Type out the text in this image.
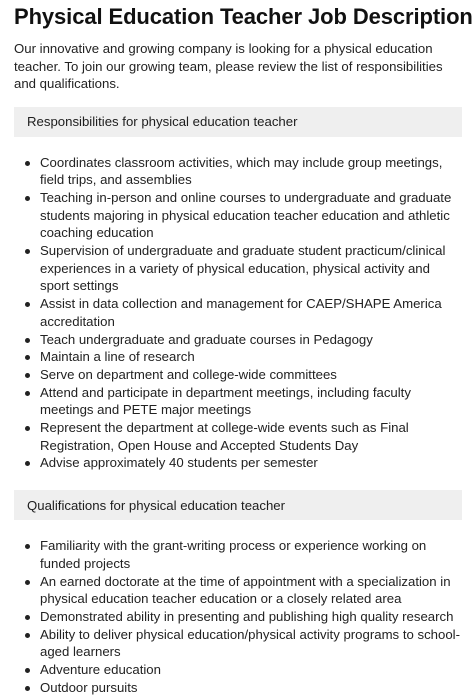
Physical Education Teacher Job Description

Our innovative and growing company is looking for a physical education teacher. To join our growing team, please review the list of responsibilities and qualifications.

Responsibilities for physical education teacher
Coordinates classroom activities, which may include group meetings, field trips, and assemblies
Teaching in-person and online courses to undergraduate and graduate students majoring in physical education teacher education and athletic coaching education
Supervision of undergraduate and graduate student practicum/clinical experiences in a variety of physical education, physical activity and sport settings
Assist in data collection and management for CAEP/SHAPE America accreditation
Teach undergraduate and graduate courses in Pedagogy
Maintain a line of research
Serve on department and college-wide committees
Attend and participate in department meetings, including faculty meetings and PETE major meetings
Represent the department at college-wide events such as Final Registration, Open House and Accepted Students Day
Advise approximately 40 students per semester
Qualifications for physical education teacher
Familiarity with the grant-writing process or experience working on funded projects
An earned doctorate at the time of appointment with a specialization in physical education teacher education or a closely related area
Demonstrated ability in presenting and publishing high quality research
Ability to deliver physical education/physical activity programs to school-aged learners
Adventure education
Outdoor pursuits
